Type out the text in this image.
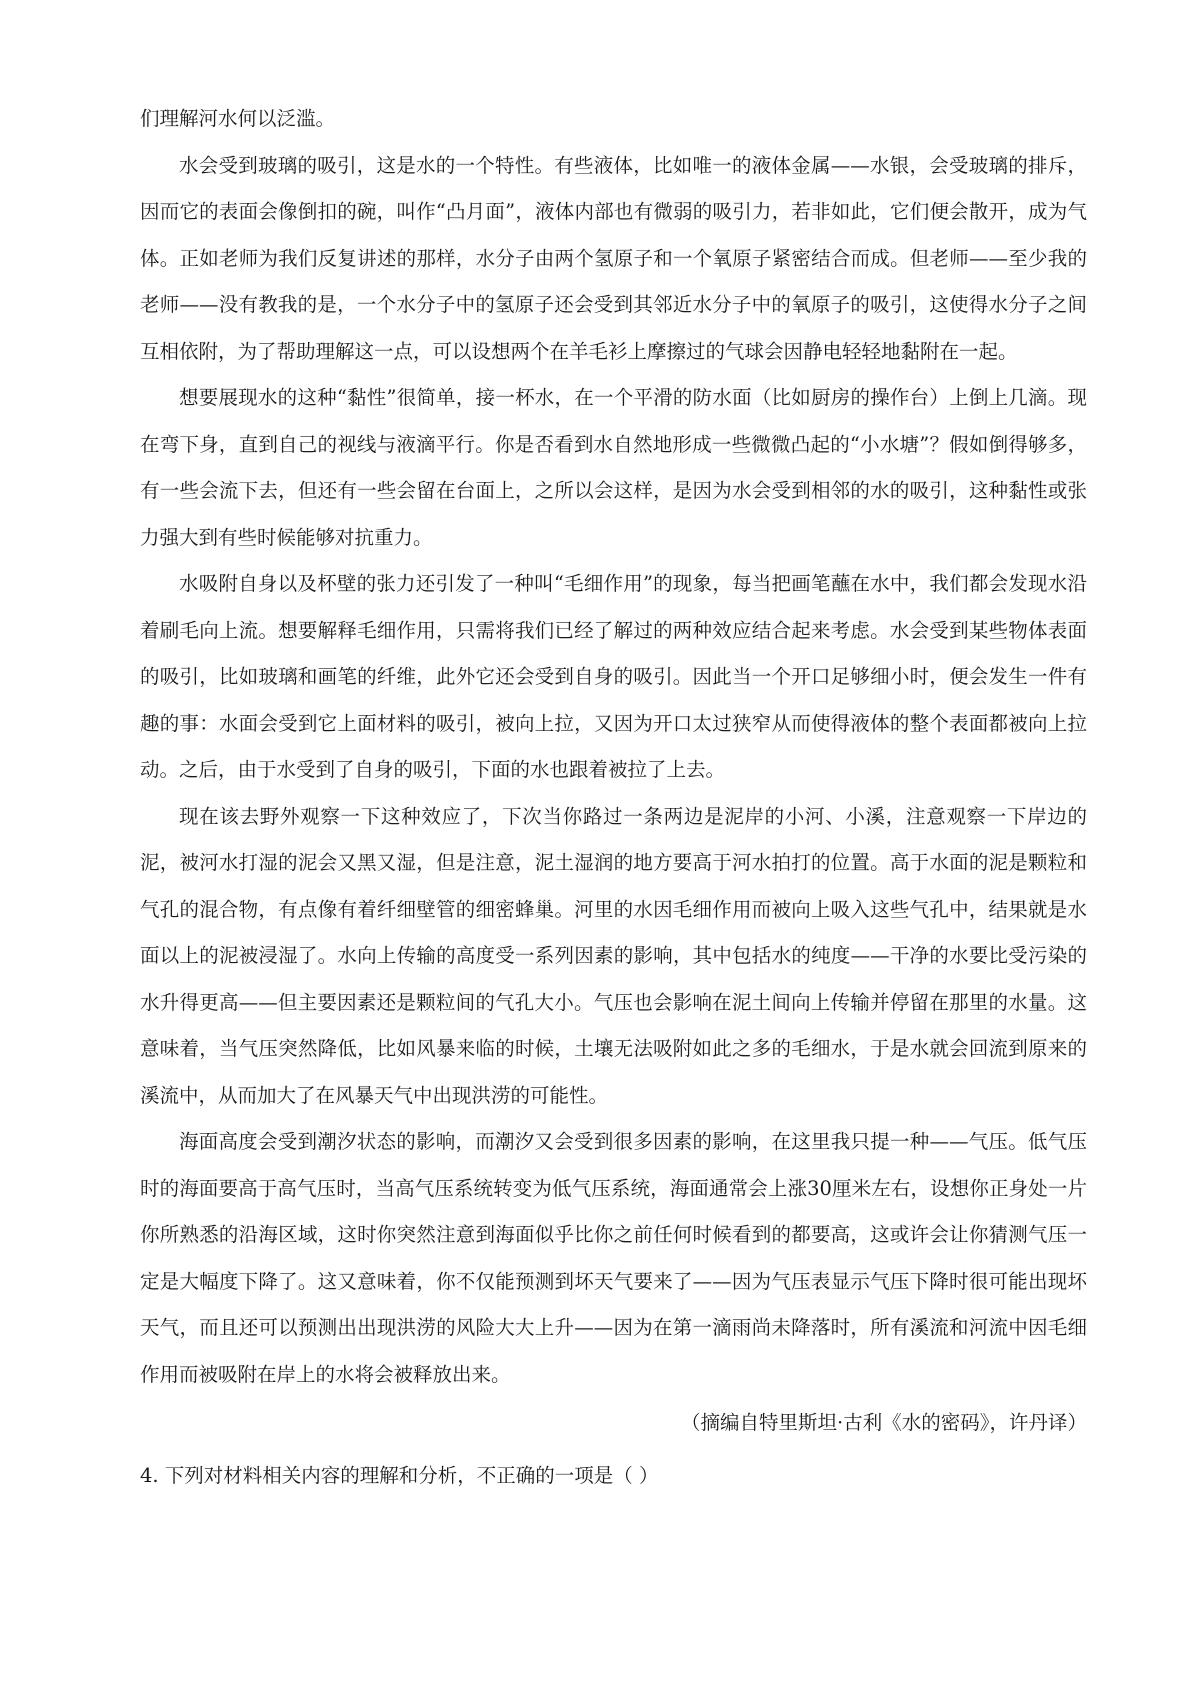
们理解河水何以泛滥。

水会受到玻璃的吸引，这是水的一个特性。有些液体，比如唯一的液体金属——水银，会受玻璃的排斥，因而它的表面会像倒扣的碗，叫作“凸月面”，液体内部也有微弱的吸引力，若非如此，它们便会散开，成为气体。正如老师为我们反复讲述的那样，水分子由两个氢原子和一个氧原子紧密结合而成。但老师——至少我的老师——没有教我的是，一个水分子中的氢原子还会受到其邻近水分子中的氧原子的吸引，这使得水分子之间互相依附，为了帮助理解这一点，可以设想两个在羊毛衫上摩擦过的气球会因静电轻轻地黏附在一起。

想要展现水的这种“黏性”很简单，接一杯水，在一个平滑的防水面（比如厨房的操作台）上倒上几滴。现在弯下身，直到自己的视线与液滴平行。你是否看到水自然地形成一些微微凸起的“小水塘”？假如倒得够多，有一些会流下去，但还有一些会留在台面上，之所以会这样，是因为水会受到相邻的水的吸引，这种黏性或张力强大到有些时候能够对抗重力。

水吸附自身以及杯壁的张力还引发了一种叫“毛细作用”的现象，每当把画笔蘸在水中，我们都会发现水沿着刷毛向上流。想要解释毛细作用，只需将我们已经了解过的两种效应结合起来考虑。水会受到某些物体表面的吸引，比如玻璃和画笔的纤维，此外它还会受到自身的吸引。因此当一个开口足够细小时，便会发生一件有趣的事：水面会受到它上面材料的吸引，被向上拉，又因为开口太过狭窄从而使得液体的整个表面都被向上拉动。之后，由于水受到了自身的吸引，下面的水也跟着被拉了上去。

现在该去野外观察一下这种效应了，下次当你路过一条两边是泥岸的小河、小溪，注意观察一下岸边的泥，被河水打湿的泥会又黑又湿，但是注意，泥土湿润的地方要高于河水拍打的位置。高于水面的泥是颗粒和气孔的混合物，有点像有着纤细壁管的细密蜂巢。河里的水因毛细作用而被向上吸入这些气孔中，结果就是水面以上的泥被浸湿了。水向上传输的高度受一系列因素的影响，其中包括水的纯度——干净的水要比受污染的水升得更高——但主要因素还是颗粒间的气孔大小。气压也会影响在泥土间向上传输并停留在那里的水量。这意味着，当气压突然降低，比如风暴来临的时候，土壤无法吸附如此之多的毛细水，于是水就会回流到原来的溪流中，从而加大了在风暴天气中出现洪涝的可能性。

海面高度会受到潮汐状态的影响，而潮汐又会受到很多因素的影响，在这里我只提一种——气压。低气压时的海面要高于高气压时，当高气压系统转变为低气压系统，海面通常会上涨30厘米左右，设想你正身处一片你所熟悉的沿海区域，这时你突然注意到海面似乎比你之前任何时候看到的都要高，这或许会让你猜测气压一定是大幅度下降了。这又意味着，你不仅能预测到坏天气要来了——因为气压表显示气压下降时很可能出现坏天气，而且还可以预测出出现洪涝的风险大大上升——因为在第一滴雨尚未降落时，所有溪流和河流中因毛细作用而被吸附在岸上的水将会被释放出来。

（摘编自特里斯坦·古利《水的密码》，许丹译）

4. 下列对材料相关内容的理解和分析，不正确的一项是（ ）
